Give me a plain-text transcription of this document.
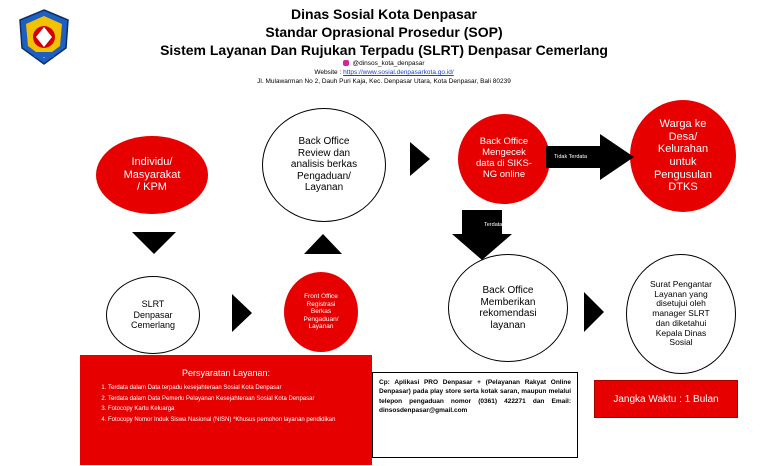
Dinas Sosial Kota Denpasar
Standar Oprasional Prosedur (SOP)
Sistem Layanan Dan Rujukan Terpadu (SLRT) Denpasar Cemerlang
@dinsos_kota_denpasar
Website : https://www.sosial.denpasarkota.go.id/
Jl. Mulawarman No 2, Dauh Puri Kaja, Kec. Denpasar Utara, Kota Denpasar, Bali 80239
Individu/
Masyarakat
/ KPM
SLRT
Denpasar
Cemerlang
Front Office
Registrasi
Berkas
Pengaduan/
Layanan
Back Office
Review dan
analisis berkas
Pengaduan/
Layanan
Back Office
Mengecek
data di SIKS-
NG online
Warga ke
Desa/
Kelurahan
untuk
Pengusulan
DTKS
Back Office
Memberikan
rekomendasi
layanan
Surat Pengantar
Layanan yang
disetujui oleh
manager SLRT
dan diketahui
Kepala Dinas
Sosial
Tidak Terdata
Terdata
Persyaratan Layanan:
1. Terdata dalam Data terpadu kesejahteraan Sosial Kota Denpasar
2. Terdata dalam Data Pemerlu Pelayanan Kesejahteraan Sosial Kota Denpasar
3. Fotocopy Kartu Keluarga
4. Fotocopy Nomor Induk Siswa Nasional (NISN) *Khusus pemohon layanan pendidikan
Cp: Aplikasi PRO Denpasar + (Pelayanan Rakyat Online Denpasar) pada play store serta kotak saran, maupun melalui telepon pengaduan nomor (0361) 422271 dan Email: dinsosdenpasar@gmail.com
Jangka Waktu : 1 Bulan
